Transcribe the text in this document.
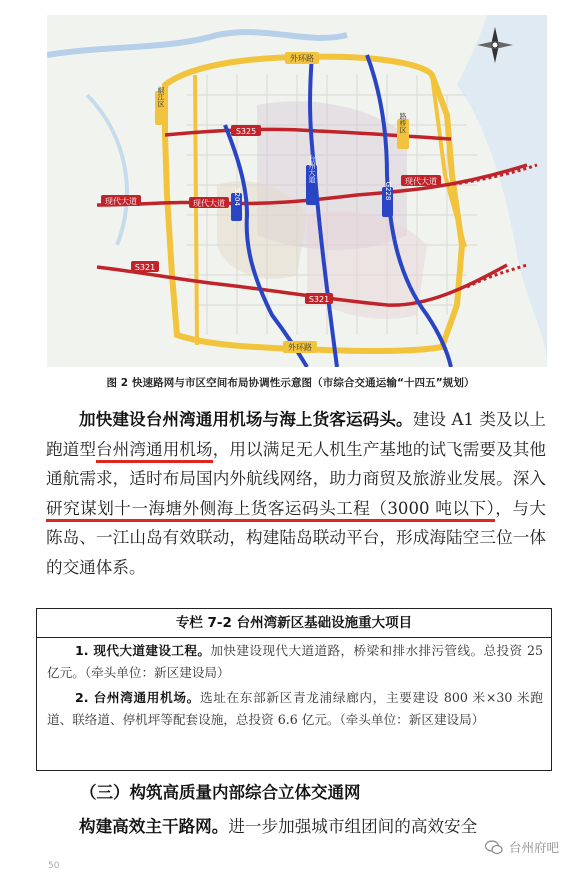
外环路
椒江区
路桥区
S325
现代大道	现代大道
现代大道
S204
台州大道
G228
S321
S321
外环路
图 2 快速路网与市区空间布局协调性示意图（市综合交通运输“十四五”规划）

加快建设台州湾通用机场与海上货客运码头。建设 A1 类及以上跑道型台州湾通用机场，用以满足无人机生产基地的试飞需要及其他通航需求，适时布局国内外航线网络，助力商贸及旅游业发展。深入研究谋划十一海塘外侧海上货客运码头工程（3000 吨以下），与大陈岛、一江山岛有效联动，构建陆岛联动平台，形成海陆空三位一体的交通体系。

专栏 7-2 台州湾新区基础设施重大项目

1. 现代大道建设工程。加快建设现代大道道路，桥梁和排水排污管线。总投资 25 亿元。（牵头单位：新区建设局）

2. 台州湾通用机场。选址在东部新区青龙浦绿廊内，主要建设 800 米×30 米跑道、联络道、停机坪等配套设施，总投资 6.6 亿元。（牵头单位：新区建设局）

（三）构筑高质量内部综合立体交通网

构建高效主干路网。进一步加强城市组团间的高效安全

台州府吧
50
